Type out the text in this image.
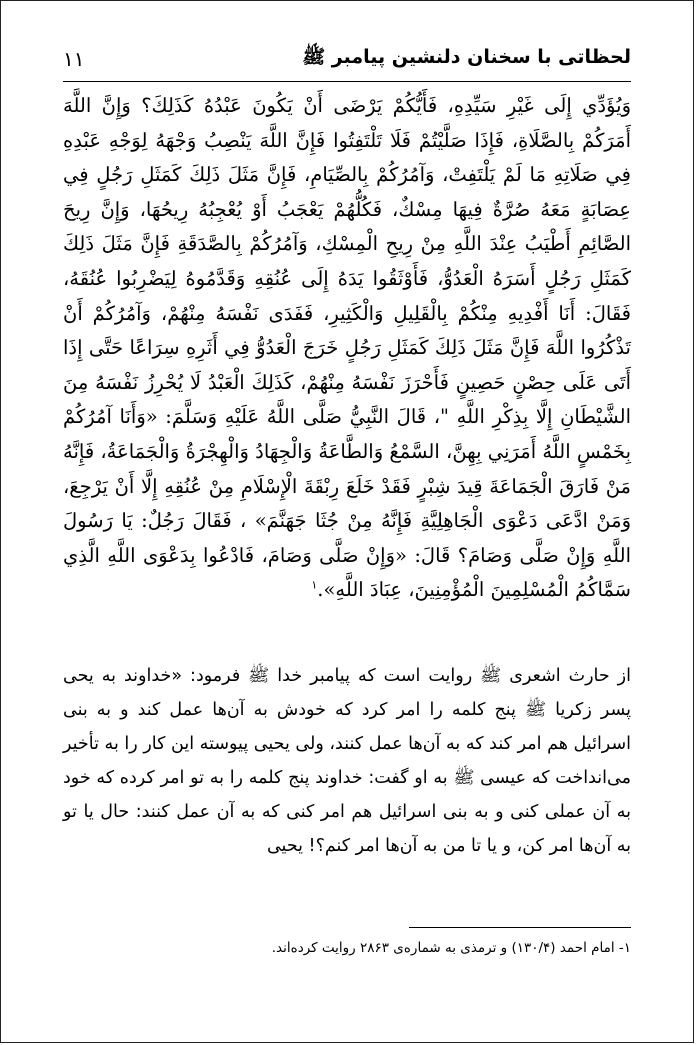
لحظاتی با سخنان دلنشین پیامبر ﷺ
۱۱
وَيُؤَدِّي إِلَى غَيْرِ سَيِّدِهِ، فَأَيُّكُمْ يَرْضَى أَنْ يَكُونَ عَبْدُهُ كَذَلِكَ؟ وَإِنَّ اللَّهَ أَمَرَكُمْ بِالصَّلَاةِ، فَإِذَا صَلَّيْتُمْ فَلَا تَلْتَفِتُوا فَإِنَّ اللَّهَ يَنْصِبُ وَجْهَهُ لِوَجْهِ عَبْدِهِ فِي صَلَاتِهِ مَا لَمْ يَلْتَفِتْ، وَآمُرُكُمْ بِالصِّيَامِ، فَإِنَّ مَثَلَ ذَلِكَ كَمَثَلِ رَجُلٍ فِي عِصَابَةٍ مَعَهُ صُرَّةٌ فِيهَا مِسْكٌ، فَكُلُّهُمْ يَعْجَبُ أَوْ يُعْجِبُهُ رِيحُهَا، وَإِنَّ رِيحَ الصَّائِمِ أَطْيَبُ عِنْدَ اللَّهِ مِنْ رِيحِ الْمِسْكِ، وَآمُرُكُمْ بِالصَّدَقَةِ فَإِنَّ مَثَلَ ذَلِكَ كَمَثَلِ رَجُلٍ أَسَرَهُ الْعَدُوُّ، فَأَوْثَقُوا يَدَهُ إِلَى عُنُقِهِ وَقَدَّمُوهُ لِيَضْرِبُوا عُنُقَهُ، فَقَالَ: أَنَا أَفْدِيهِ مِنْكُمْ بِالْقَلِيلِ وَالْكَثِيرِ، فَفَدَى نَفْسَهُ مِنْهُمْ، وَآمُرُكُمْ أَنْ تَذْكُرُوا اللَّهَ فَإِنَّ مَثَلَ ذَلِكَ كَمَثَلِ رَجُلٍ خَرَجَ الْعَدُوُّ فِي أَثَرِهِ سِرَاعًا حَتَّى إِذَا أَتَى عَلَى حِصْنٍ حَصِينٍ فَأَحْرَزَ نَفْسَهُ مِنْهُمْ، كَذَلِكَ الْعَبْدُ لَا يُحْرِزُ نَفْسَهُ مِنَ الشَّيْطَانِ إِلَّا بِذِكْرِ اللَّهِ "، قَالَ النَّبِيُّ صَلَّى اللَّهُ عَلَيْهِ وَسَلَّمَ: «وَأَنَا آمُرُكُمْ بِخَمْسٍ اللَّهُ أَمَرَنِي بِهِنَّ، السَّمْعُ وَالطَّاعَةُ وَالْجِهَادُ وَالْهِجْرَةُ وَالْجَمَاعَةُ، فَإِنَّهُ مَنْ فَارَقَ الْجَمَاعَةَ قِيدَ شِبْرٍ فَقَدْ خَلَعَ رِبْقَةَ الْإِسْلَامِ مِنْ عُنُقِهِ إِلَّا أَنْ يَرْجِعَ، وَمَنْ ادَّعَى دَعْوَى الْجَاهِلِيَّةِ فَإِنَّهُ مِنْ جُثَا جَهَنَّمَ» ، فَقَالَ رَجُلٌ: يَا رَسُولَ اللَّهِ وَإِنْ صَلَّى وَصَامَ؟ قَالَ: «وَإِنْ صَلَّى وَصَامَ، فَادْعُوا بِدَعْوَى اللَّهِ الَّذِي سَمَّاكُمُ الْمُسْلِمِينَ الْمُؤْمِنِينَ، عِبَادَ اللَّهِ».$^۱$
از حارث اشعری ﷺ روایت است که پیامبر خدا ﷺ فرمود: «خداوند به یحی پسر زکریا ﷺ پنج کلمه را امر کرد که خودش به آن‌ها عمل کند و به بنی اسرائیل هم امر کند که به آن‌ها عمل کنند، ولی یحیی پیوسته این کار را به تأخیر می‌انداخت که عیسی ﷺ به او گفت: خداوند پنج کلمه را به تو امر کرده که خود به آن عملی کنی و به بنی اسرائیل هم امر کنی که به آن عمل کنند: حال یا تو به آن‌ها امر کن، و یا تا من به آن‌ها امر کنم؟! یحیی
۱- امام احمد (۱۳۰/۴) و ترمذی به شماره‌ی ۲۸۶۳ روایت کرده‌اند.
